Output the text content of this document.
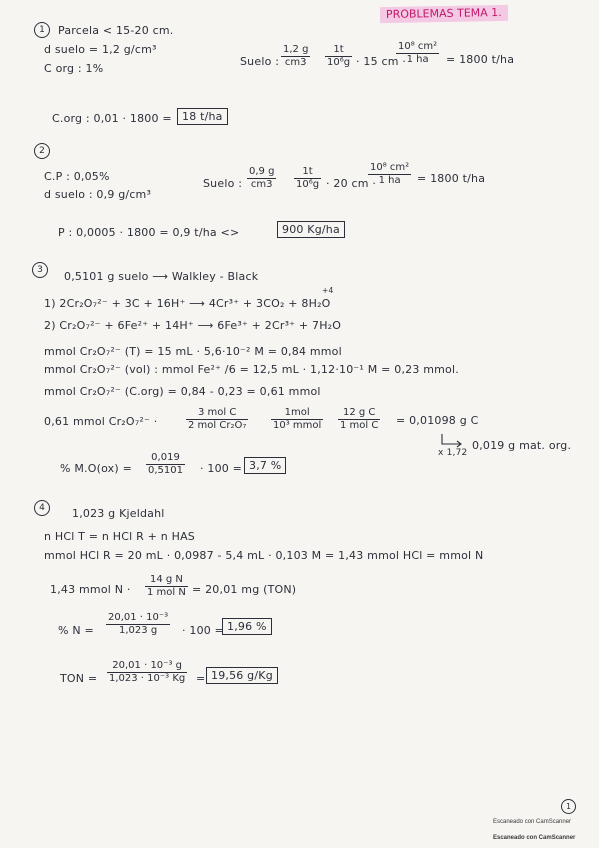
PROBLEMAS TEMA 1.
1	Parcela < 15-20 cm.
d suelo = 1,2 g/cm³
C org : 1%
Suelo : $\frac{1,2 g}{cm3} \frac{1t}{\text{10⁶g}} \cdot 15$ cm ·
$\frac{\text{10⁸ cm²}}{1 ha} = 1800$ t/ha
C.org : 0,01 · 1800 = 18 t/ha
2
C.P : 0,05%
d suelo : 0,9 g/cm³
Suelo : $\frac{0,9 g}{cm3} \frac{1t}{\text{10⁶g}} \cdot 20$ cm ·
$\frac{\text{10⁸ cm²}}{1 ha} = 1800$ t/ha
P : 0,0005 · 1800 = 0,9 t/ha <>	900 Kg/ha
3	0,5101 g suelo ⟶ Walkley - Black
+4
1) 2Cr₂O₇²⁻ + 3C + 16H⁺ ⟶ 4Cr³⁺ + 3CO₂ + 8H₂O
2) Cr₂O₇²⁻ + 6Fe²⁺ + 14H⁺ ⟶ 6Fe³⁺ + 2Cr³⁺ + 7H₂O
mmol Cr₂O₇²⁻ (T) = 15 mL · 5,6·10⁻² M = 0,84 mmol
mmol Cr₂O₇²⁻ (vol) : mmol Fe²⁺ /6 = 12,5 mL · 1,12·10⁻¹ M = 0,23 mmol.
mmol Cr₂O₇²⁻ (C.org) = 0,84 - 0,23 = 0,61 mmol
0,61 mmol Cr₂O₇²⁻ ·
3 mol C
2 mol Cr₂O₇
1mol
10³ mmol
12 g C
1 mol C = 0,01098 g C
x 1,72
0,019 g mat. org.
% $M.O(ox) = \frac{0,019}{0,5101} \cdot 100 = 3,7$ %
4	1,023 g Kjeldahl
n HCl T = n HCl R + n HAS
mmol HCl R = 20 mL · 0,0987 - 5,4 mL · 0,103 M = 1,43 mmol HCl = mmol N
1,43 mmol N ·
14 g N
1 mol N = 20,01 mg (TON)
% $N = \frac{\text{20,01 · 10⁻³}}{1,023 g} \cdot 100 = 1,96$ %
TON = $\frac{\text{20,01 · 10⁻³ g}}{\text{1,023 · 10⁻³ Kg}} = 19,56$ g/Kg
1
Escaneado con CamScanner
Escaneado con CamScanner
